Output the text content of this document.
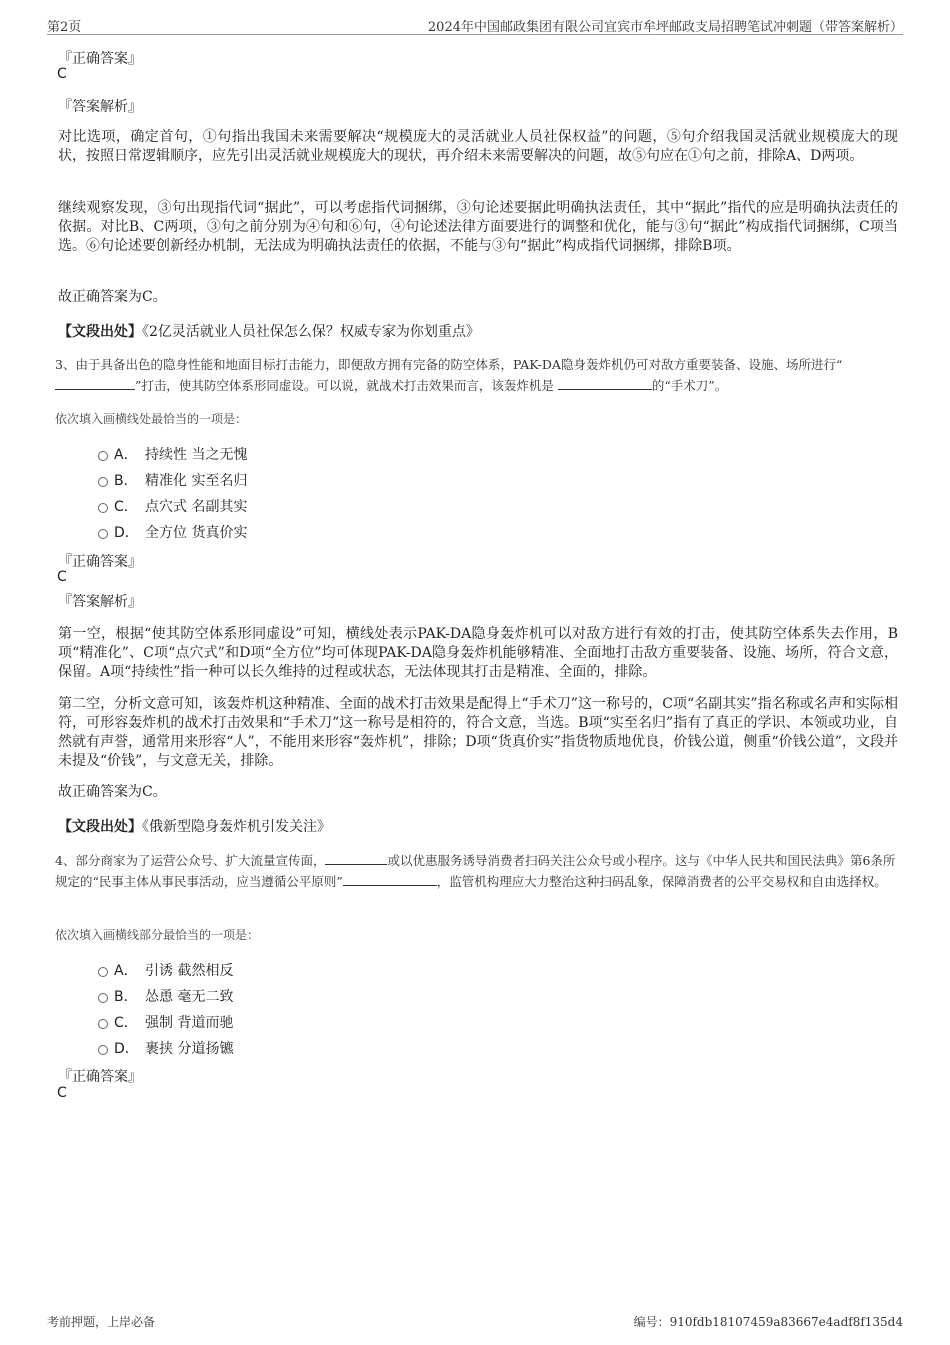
第2页	2024年中国邮政集团有限公司宜宾市牟坪邮政支局招聘笔试冲刺题（带答案解析）
『正确答案』
C
『答案解析』
对比选项，确定首句，①句指出我国未来需要解决“规模庞大的灵活就业人员社保权益”的问题，⑤句介绍我国灵活就业规模庞大的现状，按照日常逻辑顺序，应先引出灵活就业规模庞大的现状，再介绍未来需要解决的问题，故⑤句应在①句之前，排除A、D两项。
继续观察发现，③句出现指代词“据此”，可以考虑指代词捆绑，③句论述要据此明确执法责任，其中“据此”指代的应是明确执法责任的依据。对比B、C两项，③句之前分别为④句和⑥句，④句论述法律方面要进行的调整和优化，能与③句“据此”构成指代词捆绑，C项当选。⑥句论述要创新经办机制，无法成为明确执法责任的依据，不能与③句“据此”构成指代词捆绑，排除B项。
故正确答案为C。
【文段出处】《2亿灵活就业人员社保怎么保？权威专家为你划重点》
3、由于具备出色的隐身性能和地面目标打击能力，即便敌方拥有完备的防空体系，PAK-DA隐身轰炸机仍可对敌方重要装备、设施、场所进行“
”打击，使其防空体系形同虚设。可以说，就战术打击效果而言，该轰炸机是	的“手术刀”。
依次填入画横线处最恰当的一项是：
A． 持续性 当之无愧
B． 精准化 实至名归
C． 点穴式 名副其实
D． 全方位 货真价实
『正确答案』
C
『答案解析』
第一空，根据“使其防空体系形同虚设”可知，横线处表示PAK-DA隐身轰炸机可以对敌方进行有效的打击，使其防空体系失去作用，B项“精准化”、C项“点穴式”和D项“全方位”均可体现PAK-DA隐身轰炸机能够精准、全面地打击敌方重要装备、设施、场所，符合文意，保留。A项“持续性”指一种可以长久维持的过程或状态，无法体现其打击是精准、全面的，排除。
第二空，分析文意可知，该轰炸机这种精准、全面的战术打击效果是配得上“手术刀”这一称号的，C项“名副其实”指名称或名声和实际相符，可形容轰炸机的战术打击效果和“手术刀”这一称号是相符的，符合文意，当选。B项“实至名归”指有了真正的学识、本领或功业，自然就有声誉，通常用来形容“人”，不能用来形容“轰炸机”，排除；D项“货真价实”指货物质地优良，价钱公道，侧重“价钱公道”，文段并未提及“价钱”，与文意无关，排除。
故正确答案为C。
【文段出处】《俄新型隐身轰炸机引发关注》
4、部分商家为了运营公众号、扩大流量宣传面，	或以优惠服务诱导消费者扫码关注公众号或小程序。这与《中华人民共和国民法典》第6条所规定的“民事主体从事民事活动，应当遵循公平原则”	，监管机构理应大力整治这种扫码乱象，保障消费者的公平交易权和自由选择权。
依次填入画横线部分最恰当的一项是：
A． 引诱 截然相反
B． 怂恿 毫无二致
C． 强制 背道而驰
D． 裹挟 分道扬镳
『正确答案』
C
考前押题，上岸必备	编号：910fdb18107459a83667e4adf8f135d4
